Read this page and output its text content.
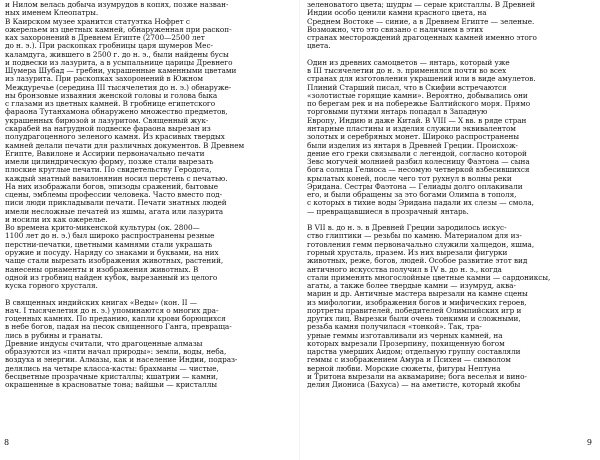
и Нилом велась добыча изумрудов в копях, позже назван-
ных именем Клеопатры.
В Каирском музее хранится статуэтка Нофрет с
ожерельем из цветных камней, обнаруженная при раскоп-
ках захоронений в Древнем Египте (2700—2500 лет
до н. э.). При раскопках гробницы царя шумеров Мес-
каламдуга, жившего в 2500 г. до н. э., были найдены бусы
и подвески из лазурита, а в усыпальнице царицы Древнего
Шумера Шубад — гребни, украшенные каменными цветами
из лазурита. При раскопках захоронений в Южном
Междуречье (середина III тысячелетия до н. э.) обнаруже-
ны бронзовые изваяния женской головы и голова быка
с глазами из цветных камней. В гробнице египетского
фараона Тутанхамона обнаружено множество предметов,
украшенных бирюзой и лазуритом. Священный жук-
скарабей на нагрудной подвеске фараона вырезан из
полудрагоценного зеленого камня. Из красивых твердых
камней делали печати для различных документов. В Древнем
Египте, Вавилоне и Ассирии первоначально печати
имели цилиндрическую форму, позже стали вырезать
плоские круглые печати. По свидетельству Геродота,
каждый знатный вавилонянин носил перстень с печатью.
На них изображали богов, эпизоды сражений, бытовые
сцены, эмблемы профессии человека. Часто вместо под-
писи люди прикладывали печати. Печати знатных людей
имели несложные печатей из яшмы, агата или лазурита
и носили их как ожерелье.
Во времена крито-микенской культуры (ок. 2800—
1100 лет до н. э.) был широко распространены резные
перстни-печатки, цветными камнями стали украшать
оружие и посуду. Наряду со знаками и буквами, на них
чаще стали вырезать изображения животных, растений,
нанесены орнаменты и изображения животных. В
одной из гробниц найден кубок, вырезанный из целого
куска горного хрусталя.
В священных индийских книгах «Веды» (кон. II —
нач. I тысячелетия до н. э.) упоминаются о многих дра-
гоценных камнях. По преданию, капли крови борющихся
в небе богов, падая на песок священного Ганга, превраща-
лись в рубины и гранаты.
Древние индусы считали, что драгоценные алмазы
образуются из «пяти начал природы»: земли, воды, неба,
воздуха и энергии. Алмазы, как и население Индии, подраз-
делялись на четыре класса-касты: брахманы — чистые,
бесцветные прозрачные кристаллы; кшатрии — камни,
окрашенные в красноватые тона; вайшьи — кристаллы
8
зеленоватого цвета; шудры — серые кристаллы. В Древней
Индии особо ценили камни красного цвета, на
Среднем Востоке — синие, а в Древнем Египте — зеленые.
Возможно, что это связано с наличием в этих
странах месторождений драгоценных камней именно этого
цвета.
Один из древних самоцветов — янтарь, который уже
в III тысячелетии до н. э. применялся почти во всех
странах для изготовления украшений или в виде амулетов.
Плиний Старший писал, что в Скифии встречаются
«золотистые горящие камни». Вероятно, добывались они
по берегам рек и на побережье Балтийского моря. Прямо
торговыми путями янтарь попадал в Западную
Европу, Индию и даже Китай. В VIII — X вв. в ряде стран
янтарные пластины и изделия служили эквивалентом
золотых и серебряных монет. Широко распространены
были изделия из янтаря в Древней Греции. Происхож-
дение его греки связывали с легендой, согласно которой
Зевс могучей молнией разбил колесницу Фаэтона — сына
бога солнца Гелиоса — несомую четверкой взбесившихся
крылатых коней, после чего тот рухнул в волны реки
Эридана. Сестры Фаэтона — Гелиады долго оплакивали
его, и были обращены за это богами Олимпа в тополя,
с которых в тихие воды Эридана падали их слезы — смола,
— превращавшиеся в прозрачный янтарь.
В VII в. до н. э. в Древней Греции зародилось искус-
ство глиптики — резьбы по камню. Материалом для из-
готовления гемм первоначально служили халцедон, яшма,
горный хрусталь, празем. Из них вырезали фигурки
животных, реже, богов, людей. Особое развитие этот вид
античного искусства получил в IV в. до н. э., когда
стали применять многослойные цветные камни — сардониксы,
агаты, а также более твердые камни — изумруд, аква-
марин и др. Античные мастера вырезали на камне сцены
из мифологии, изображения богов и мифических героев,
портреты правителей, победителей Олимпийских игр и
других лиц. Вырезки были очень тонкими и сложными,
резьба камня получилася «тонкой». Так, тра-
урные геммы изготавливали из черных камней, на
которых вырезали Прозерпину, похищенную богом
царства умерших Аидом; отдельную группу составляли
геммы с изображением Амура и Психеи — символом
верной любви. Морские сюжеты, фигуры Нептуна
и Тритона вырезали на аквамарине; бога веселья и вино-
делия Диониса (Бахуса) — на аметисте, который якобы
9
